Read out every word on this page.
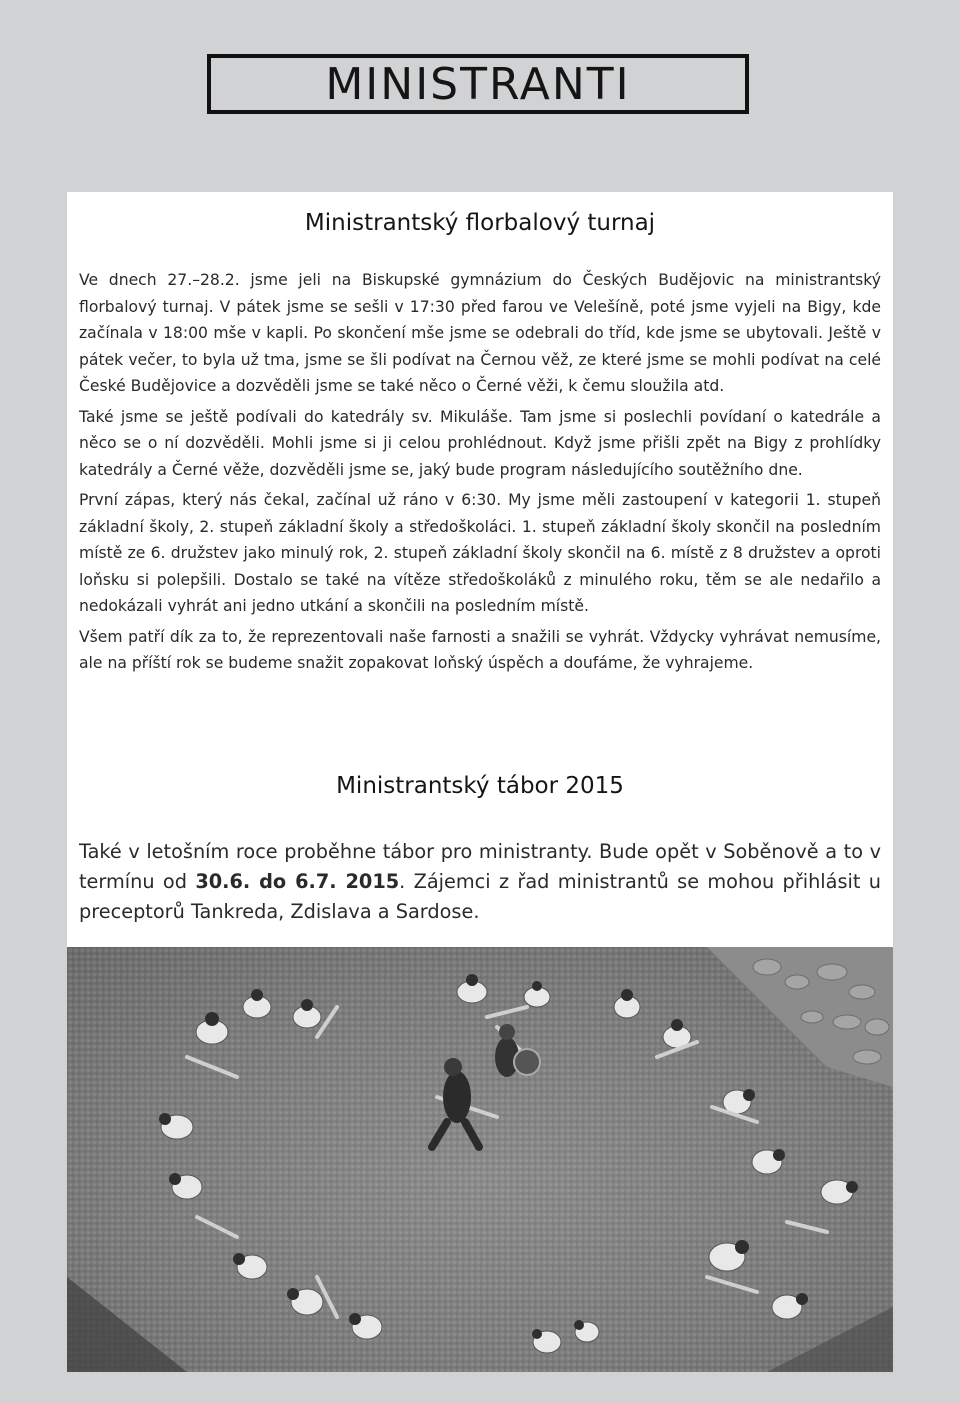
MINISTRANTI
Ministrantský florbalový turnaj

Ve dnech 27.–28.2. jsme jeli na Biskupské gymnázium do Českých Budějovic na ministrantský florbalový turnaj. V pátek jsme se sešli v 17:30 před farou ve Velešíně, poté jsme vyjeli na Bigy, kde začínala v 18:00 mše v kapli. Po skončení mše jsme se odebrali do tříd, kde jsme se ubytovali. Ještě v pátek večer, to byla už tma, jsme se šli podívat na Černou věž, ze které jsme se mohli podívat na celé České Budějovice a dozvěděli jsme se také něco o Černé věži, k čemu sloužila atd.

Také jsme se ještě podívali do katedrály sv. Mikuláše. Tam jsme si poslechli povídaní o katedrále a něco se o ní dozvěděli. Mohli jsme si ji celou prohlédnout. Když jsme přišli zpět na Bigy z prohlídky katedrály a Černé věže, dozvěděli jsme se, jaký bude program následujícího soutěžního dne.

První zápas, který nás čekal, začínal už ráno v 6:30. My jsme měli zastoupení v kategorii 1. stupeň základní školy, 2. stupeň základní školy a středoškoláci. 1. stupeň základní školy skončil na posledním místě ze 6. družstev jako minulý rok, 2. stupeň základní školy skončil na 6. místě z 8 družstev a oproti loňsku si polepšili. Dostalo se také na vítěze středoškoláků z minulého roku, těm se ale nedařilo a nedokázali vyhrát ani jedno utkání a skončili na posledním místě.

Všem patří dík za to, že reprezentovali naše farnosti a snažili se vyhrát. Vždycky vyhrávat nemusíme, ale na příští rok se budeme snažit zopakovat loňský úspěch a doufáme, že vyhrajeme.

Ministrantský tábor 2015

Také v letošním roce proběhne tábor pro ministranty. Bude opět v Soběnově a to v termínu od 30.6. do 6.7. 2015. Zájemci z řad ministrantů se mohou přihlásit u preceptorů Tankreda, Zdislava a Sardose.
